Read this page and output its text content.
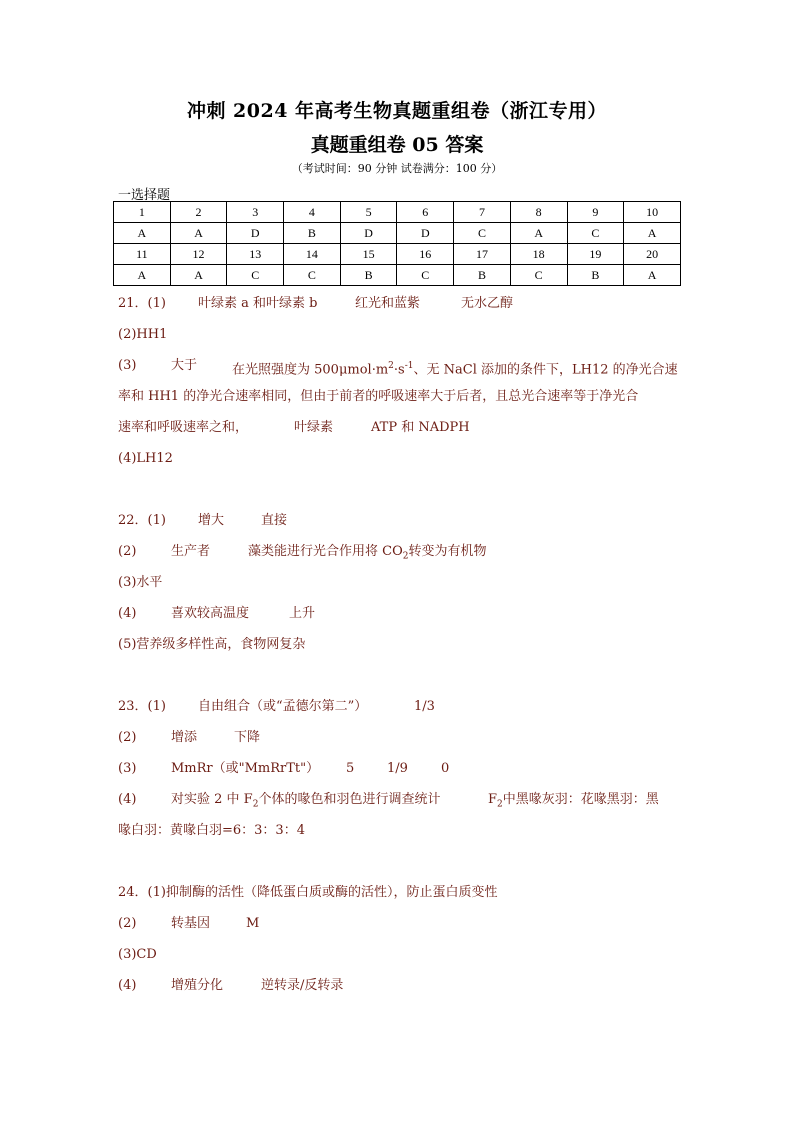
冲刺 2024 年高考生物真题重组卷（浙江专用）
真题重组卷 05 答案
（考试时间：90 分钟 试卷满分：100 分）
一选择题
1	2	3	4	5	6	7	8	9	10
A	A	D	B	D	D	C	A	C	A
11	12	13	14	15	16	17	18	19	20
A	A	C	C	B	C	B	C	B	A
21．(1) 叶绿素 a 和叶绿素 b	红光和蓝紫	无水乙醇
(2)HH1
(3)	大于	在光照强度为 $500\mu mol\cdot m^2\cdot s^{-1}$、无 NaCl 添加的条件下，LH12 的净光合速
率和 HH1 的净光合速率相同，但由于前者的呼吸速率大于后者，且总光合速率等于净光合
速率和呼吸速率之和，	叶绿素	ATP 和 NADPH
(4)LH12
22．(1) 增大	直接
(2)	生产者	藻类能进行光合作用将 $CO_2$转变为有机物
(3)水平
(4)	喜欢较高温度	上升
(5)营养级多样性高，食物网复杂
23．(1) 自由组合（或“孟德尔第二”）	1/3
(2)	增添	下降
(3)	MmRr（或"MmRrTt"） 5	1/9	0
(4)	对实验 2 中 $F_2$个体的喙色和羽色进行调查统计	$F_2$中黑喙灰羽：花喙黑羽：黑
喙白羽：黄喙白羽=6：3：3：4
24．(1)抑制酶的活性（降低蛋白质或酶的活性），防止蛋白质变性
(2)	转基因	M
(3)CD
(4)	增殖分化	逆转录/反转录
